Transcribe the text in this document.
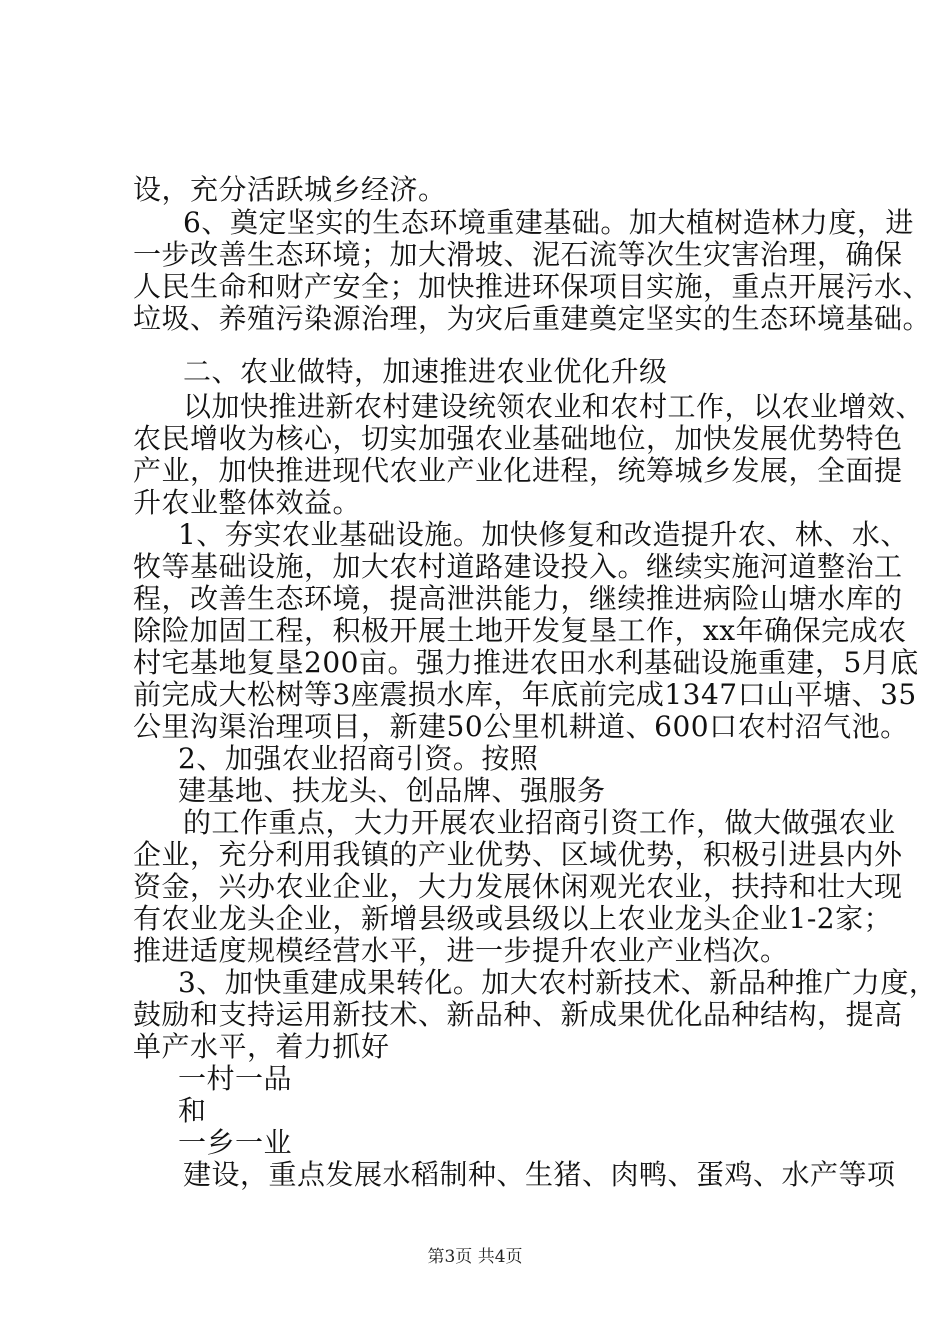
设，充分活跃城乡经济。
6、奠定坚实的生态环境重建基础。加大植树造林力度，进
一步改善生态环境；加大滑坡、泥石流等次生灾害治理，确保
人民生命和财产安全；加快推进环保项目实施，重点开展污水、
垃圾、养殖污染源治理，为灾后重建奠定坚实的生态环境基础。
二、农业做特，加速推进农业优化升级
以加快推进新农村建设统领农业和农村工作，以农业增效、
农民增收为核心，切实加强农业基础地位，加快发展优势特色
产业，加快推进现代农业产业化进程，统筹城乡发展，全面提
升农业整体效益。
1、夯实农业基础设施。加快修复和改造提升农、林、水、
牧等基础设施，加大农村道路建设投入。继续实施河道整治工
程，改善生态环境，提高泄洪能力，继续推进病险山塘水库的
除险加固工程，积极开展土地开发复垦工作，xx年确保完成农
村宅基地复垦200亩。强力推进农田水利基础设施重建，5月底
前完成大松树等3座震损水库，年底前完成1347口山平塘、35
公里沟渠治理项目，新建50公里机耕道、600口农村沼气池。
2、加强农业招商引资。按照
建基地、扶龙头、创品牌、强服务
的工作重点，大力开展农业招商引资工作，做大做强农业
企业，充分利用我镇的产业优势、区域优势，积极引进县内外
资金，兴办农业企业，大力发展休闲观光农业，扶持和壮大现
有农业龙头企业，新增县级或县级以上农业龙头企业1-2家；
推进适度规模经营水平，进一步提升农业产业档次。
3、加快重建成果转化。加大农村新技术、新品种推广力度，
鼓励和支持运用新技术、新品种、新成果优化品种结构，提高
单产水平，着力抓好
一村一品
和
一乡一业
建设，重点发展水稻制种、生猪、肉鸭、蛋鸡、水产等项
第3页 共4页
